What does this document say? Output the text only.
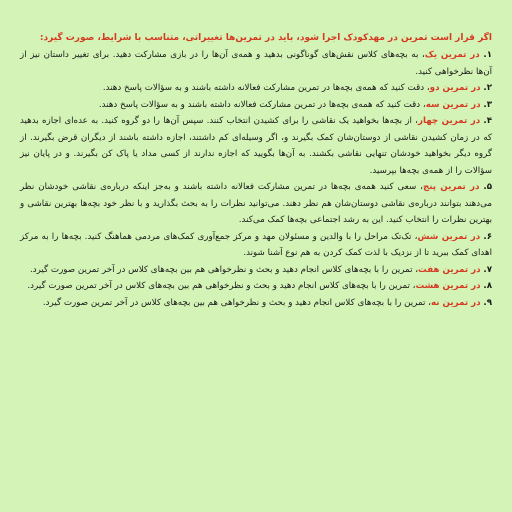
اگر قرار است تمرین در مهدکودک اجرا شود، باید در تمرین‌ها تغییراتی، متناسب با شرایط، صورت گیرد:

۱. در تمرین یک، به بچه‌های کلاس نقش‌های گوناگونی بدهید و همه‌ی آن‌ها را در بازی مشارکت دهید. برای تغییر داستان نیز از آن‌ها نظرخواهی کنید.

۲. در تمرین دو، دقت کنید که همه‌ی بچه‌ها در تمرین مشارکت فعالانه داشته باشند و به سؤالات پاسخ دهند.

۳. در تمرین سه، دقت کنید که همه‌ی بچه‌ها در تمرین مشارکت فعالانه داشته باشند و به سؤالات پاسخ دهند.

۴. در تمرین چهار، از بچه‌ها بخواهید یک نقاشی را برای کشیدن انتخاب کنند. سپس آن‌ها را دو گروه کنید. به عده‌ای اجازه بدهید که در زمان کشیدن نقاشی از دوستان‌شان کمک بگیرند و، اگر وسیله‌ای کم داشتند، اجازه داشته باشند از دیگران قرض بگیرند. از گروه دیگر بخواهید خودشان تنهایی نقاشی بکشند. به آن‌ها بگویید که اجازه ندارند از کسی مداد یا پاک کن بگیرند. و در پایان نیز سؤالات را از همه‌ی بچه‌ها بپرسید.

۵. در تمرین پنج، سعی کنید همه‌ی بچه‌ها در تمرین مشارکت فعالانه داشته باشند و به‌جز اینکه درباره‌ی نقاشی خودشان نظر می‌دهند بتوانند درباره‌ی نقاشی دوستان‌شان هم نظر دهند. می‌توانید نظرات را به بحث بگذارید و با نظر خود بچه‌ها بهترین نقاشی و بهترین نظرات را انتخاب کنید. این به رشد اجتماعی بچه‌ها کمک می‌کند.

۶. در تمرین شش، تک‌تک مراحل را با والدین و مسئولان مهد و مرکز جمع‌آوری کمک‌های مردمی هماهنگ کنید. بچه‌ها را به مرکز اهدای کمک ببرید تا از نزدیک با لذت کمک کردن به هم نوع آشنا شوند.

۷. در تمرین هفت، تمرین را با بچه‌های کلاس انجام دهید و بحث و نظرخواهی هم بین بچه‌های کلاس در آخر تمرین صورت گیرد.

۸. در تمرین هشت، تمرین را با بچه‌های کلاس انجام دهید و بحث و نظرخواهی هم بین بچه‌های کلاس در آخر تمرین صورت گیرد.

۹. در تمرین نه، تمرین را با بچه‌های کلاس انجام دهید و بحث و نظرخواهی هم بین بچه‌های کلاس در آخر تمرین صورت گیرد.
